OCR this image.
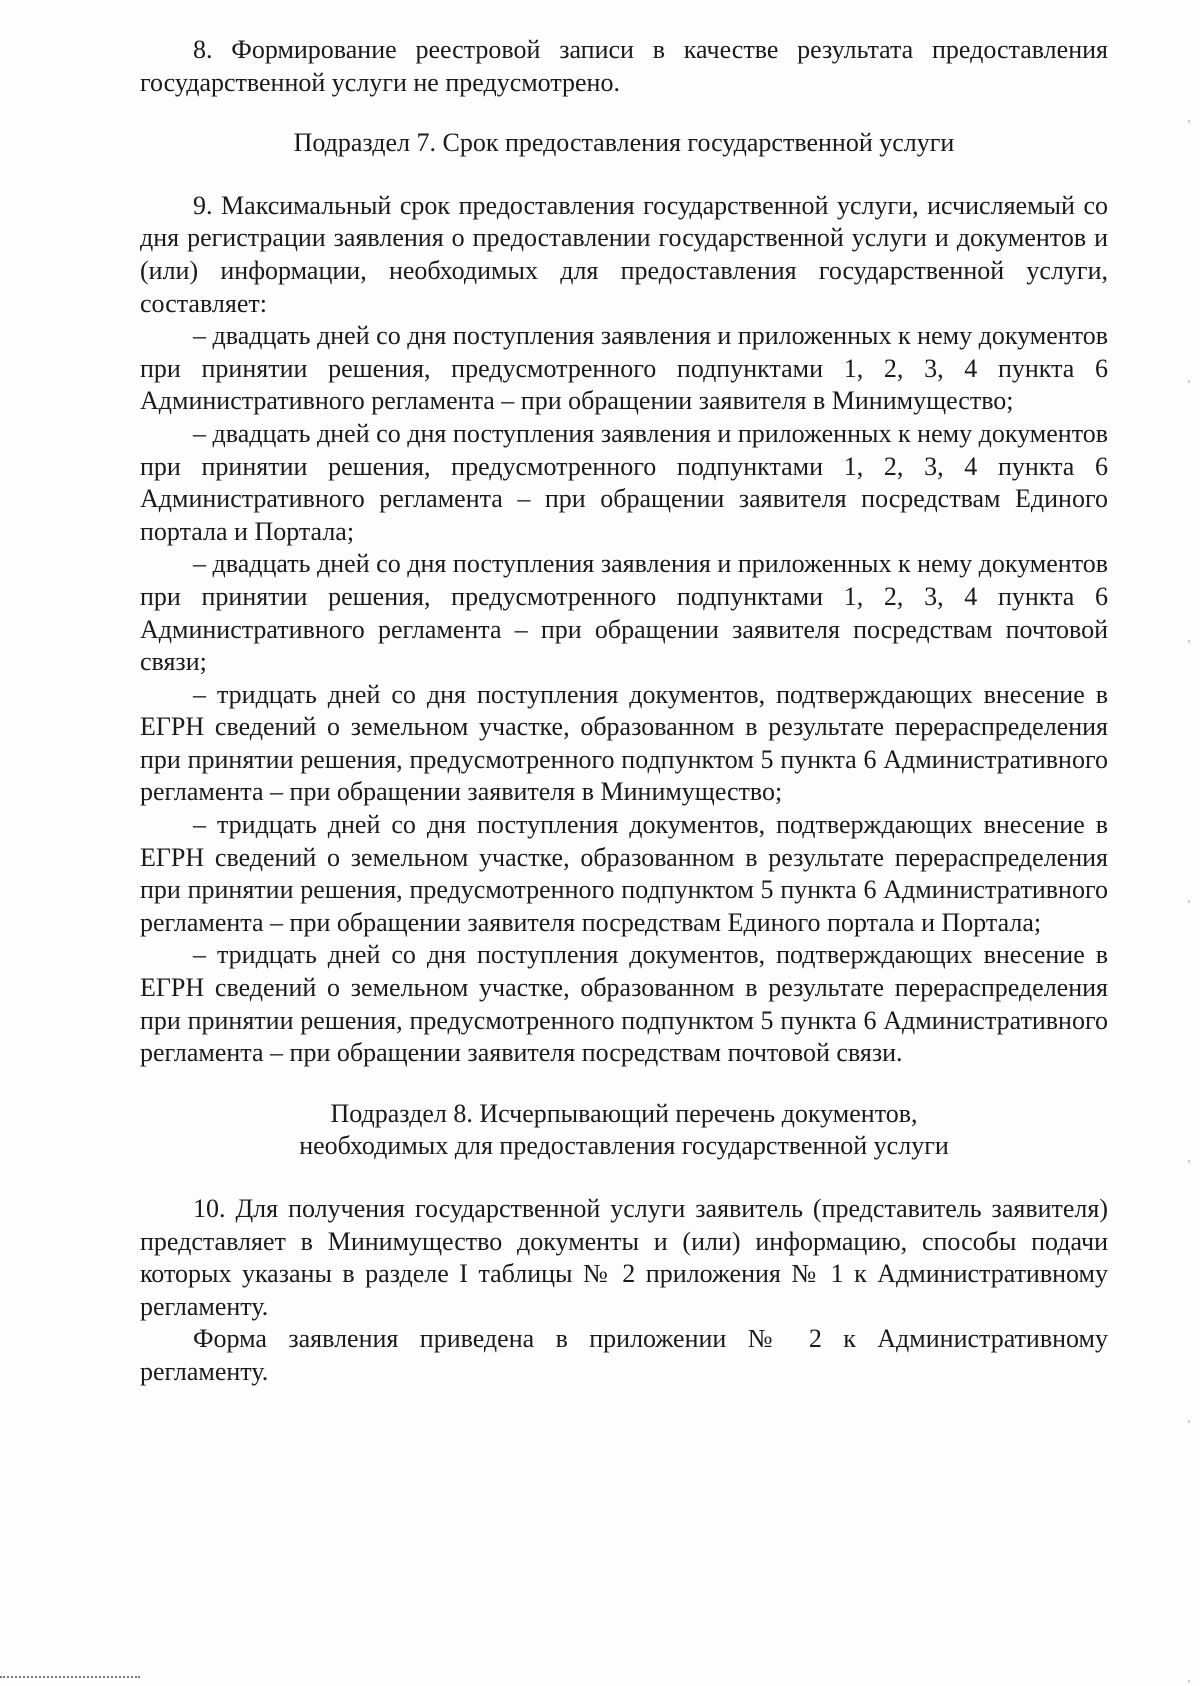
8. Формирование реестровой записи в качестве результата предоставления государственной услуги не предусмотрено.

Подраздел 7. Срок предоставления государственной услуги

9. Максимальный срок предоставления государственной услуги, исчисляемый со дня регистрации заявления о предоставлении государственной услуги и документов и (или) информации, необходимых для предоставления государственной услуги, составляет:

– двадцать дней со дня поступления заявления и приложенных к нему документов при принятии решения, предусмотренного подпунктами 1, 2, 3, 4 пункта 6 Административного регламента – при обращении заявителя в Минимущество;

– двадцать дней со дня поступления заявления и приложенных к нему документов при принятии решения, предусмотренного подпунктами 1, 2, 3, 4 пункта 6 Административного регламента – при обращении заявителя посредствам Единого портала и Портала;

– двадцать дней со дня поступления заявления и приложенных к нему документов при принятии решения, предусмотренного подпунктами 1, 2, 3, 4 пункта 6 Административного регламента – при обращении заявителя посредствам почтовой связи;

– тридцать дней со дня поступления документов, подтверждающих внесение в ЕГРН сведений о земельном участке, образованном в результате перераспределения при принятии решения, предусмотренного подпунктом 5 пункта 6 Административного регламента – при обращении заявителя в Минимущество;

– тридцать дней со дня поступления документов, подтверждающих внесение в ЕГРН сведений о земельном участке, образованном в результате перераспределения при принятии решения, предусмотренного подпунктом 5 пункта 6 Административного регламента – при обращении заявителя посредствам Единого портала и Портала;

– тридцать дней со дня поступления документов, подтверждающих внесение в ЕГРН сведений о земельном участке, образованном в результате перераспределения при принятии решения, предусмотренного подпунктом 5 пункта 6 Административного регламента – при обращении заявителя посредствам почтовой связи.

Подраздел 8. Исчерпывающий перечень документов,
необходимых для предоставления государственной услуги

10. Для получения государственной услуги заявитель (представитель заявителя) представляет в Минимущество документы и (или) информацию, способы подачи которых указаны в разделе I таблицы № 2 приложения № 1 к Административному регламенту.

Форма заявления приведена в приложении № 2 к Административному регламенту.
